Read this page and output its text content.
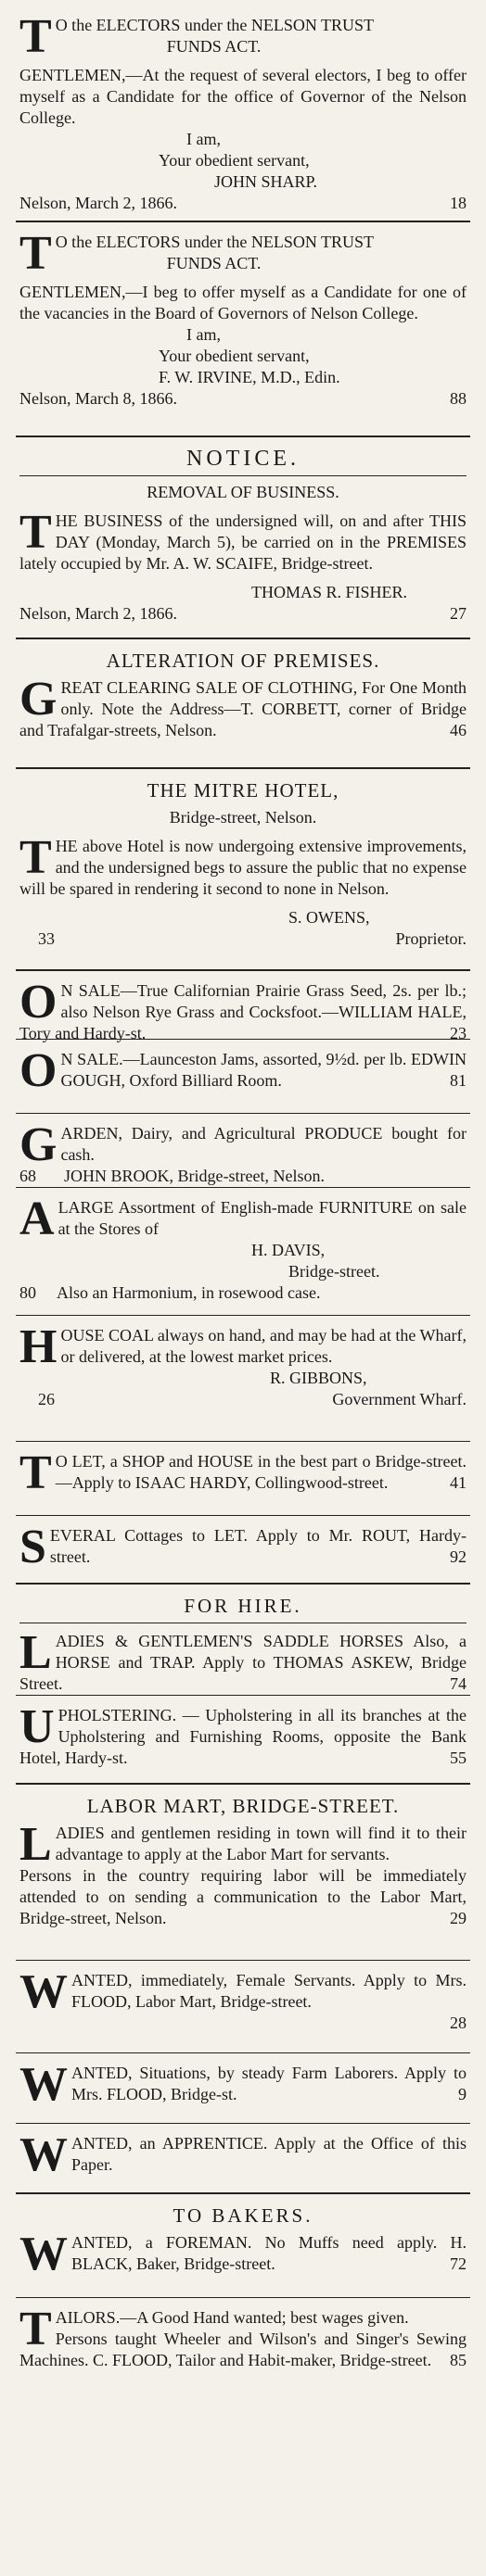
T O the ELECTORS under the NELSON TRUST
FUNDS ACT.

GENTLEMEN,—At the request of several electors, I beg to offer myself as a Candidate for the office of Governor of the Nelson College.

I am,
Your obedient servant,
JOHN SHARP.
Nelson, March 2, 1866.	18
T O the ELECTORS under the NELSON TRUST
FUNDS ACT.

GENTLEMEN,—I beg to offer myself as a Candidate for one of the vacancies in the Board of Governors of Nelson College.

I am,
Your obedient servant,
F. W. IRVINE, M.D., Edin.
Nelson, March 8, 1866.	88
NOTICE.
REMOVAL OF BUSINESS.

THE BUSINESS of the undersigned will, on and after THIS DAY (Monday, March 5), be carried on in the PREMISES lately occupied by Mr. A. W. SCAIFE, Bridge-street.

THOMAS R. FISHER.
Nelson, March 2, 1866.	27
ALTERATION OF PREMISES.

GREAT CLEARING SALE OF CLOTHING, For One Month only. Note the Address—T. CORBETT, corner of Bridge and Trafalgar-streets, Nelson.	46
THE MITRE HOTEL,
Bridge-street, Nelson.

THE above Hotel is now undergoing extensive improvements, and the undersigned begs to assure the public that no expense will be spared in rendering it second to none in Nelson.

S. OWENS,
33	Proprietor.

O N SALE—True Californian Prairie Grass Seed, 2s. per lb.; also Nelson Rye Grass and Cocksfoot.—WILLIAM HALE, Tory and Hardy-st.	23

O N SALE.—Launceston Jams, assorted, 9½d. per lb. EDWIN GOUGH, Oxford Billiard Room.	81

GARDEN, Dairy, and Agricultural PRODUCE bought for cash.

68	JOHN BROOK, Bridge-street, Nelson.

ALARGE Assortment of English-made FURNITURE on sale at the Stores of

H. DAVIS,
Bridge-street.
80	Also an Harmonium, in rosewood case.

HOUSE COAL always on hand, and may be had at the Wharf, or delivered, at the lowest market prices.

R. GIBBONS,
26	Government Wharf.

T O LET, a SHOP and HOUSE in the best part o Bridge-street.—Apply to ISAAC HARDY, Collingwood-street.	41

SEVERAL Cottages to LET. Apply to Mr. ROUT, Hardy-street.	92
FOR HIRE.

LADIES & GENTLEMEN'S SADDLE HORSES Also, a HORSE and TRAP. Apply to THOMAS ASKEW, Bridge Street.	74

UPHOLSTERING. — Upholstering in all its branches at the Upholstering and Furnishing Rooms, opposite the Bank Hotel, Hardy-st.	55
LABOR MART, BRIDGE-STREET.

LADIES and gentlemen residing in town will find it to their advantage to apply at the Labor Mart for servants.

Persons in the country requiring labor will be immediately attended to on sending a communication to the Labor Mart, Bridge-street, Nelson.	29

WANTED, immediately, Female Servants. Apply to Mrs. FLOOD, Labor Mart, Bridge-street.

28

WANTED, Situations, by steady Farm Laborers. Apply to Mrs. FLOOD, Bridge-st.	9

WANTED, an APPRENTICE. Apply at the Office of this Paper.

TO BAKERS.

WANTED, a FOREMAN. No Muffs need apply. H. BLACK, Baker, Bridge-street.	72

TAILORS.—A Good Hand wanted; best wages given.

Persons taught Wheeler and Wilson's and Singer's Sewing Machines. C. FLOOD, Tailor and Habit-maker, Bridge-street.	85
